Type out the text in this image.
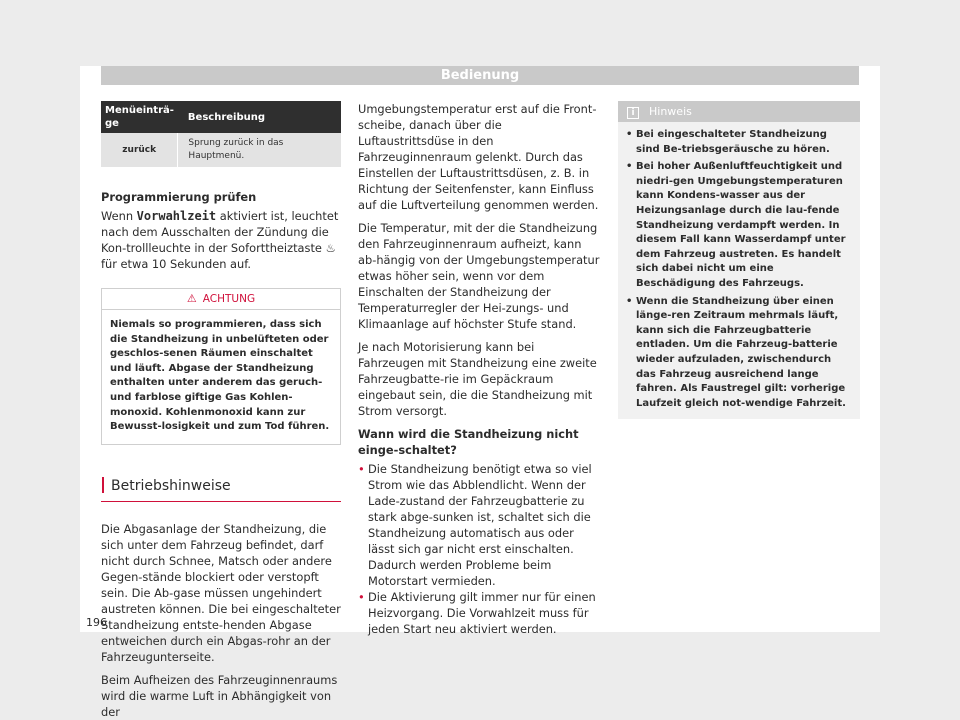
Bedienung
Menüeinträ-ge	Beschreibung
zurück	Sprung zurück in das Hauptmenü.

Programmierung prüfen

Wenn Vorwahlzeit aktiviert ist, leuchtet nach dem Ausschalten der Zündung die Kon-trollleuchte in der Soforttheiztaste ♨ für etwa 10 Sekunden auf.

⚠ ACHTUNG
Niemals so programmieren, dass sich die Standheizung in unbelüfteten oder geschlos-senen Räumen einschaltet und läuft. Abgase der Standheizung enthalten unter anderem das geruch- und farblose giftige Gas Kohlen-monoxid. Kohlenmonoxid kann zur Bewusst-losigkeit und zum Tod führen.
Betriebshinweise

Die Abgasanlage der Standheizung, die sich unter dem Fahrzeug befindet, darf nicht durch Schnee, Matsch oder andere Gegen-stände blockiert oder verstopft sein. Die Ab-gase müssen ungehindert austreten können. Die bei eingeschalteter Standheizung entste-henden Abgase entweichen durch ein Abgas-rohr an der Fahrzeugunterseite.

Beim Aufheizen des Fahrzeuginnenraums wird die warme Luft in Abhängigkeit von der

Umgebungstemperatur erst auf die Front-scheibe, danach über die Luftaustrittsdüse in den Fahrzeuginnenraum gelenkt. Durch das Einstellen der Luftaustrittsdüsen, z. B. in Richtung der Seitenfenster, kann Einfluss auf die Luftverteilung genommen werden.

Die Temperatur, mit der die Standheizung den Fahrzeuginnenraum aufheizt, kann ab-hängig von der Umgebungstemperatur etwas höher sein, wenn vor dem Einschalten der Standheizung der Temperaturregler der Hei-zungs- und Klimaanlage auf höchster Stufe stand.

Je nach Motorisierung kann bei Fahrzeugen mit Standheizung eine zweite Fahrzeugbatte-rie im Gepäckraum eingebaut sein, die die Standheizung mit Strom versorgt.

Wann wird die Standheizung nicht einge-schaltet?

• Die Standheizung benötigt etwa so viel Strom wie das Abblendlicht. Wenn der Lade-zustand der Fahrzeugbatterie zu stark abge-sunken ist, schaltet sich die Standheizung automatisch aus oder lässt sich gar nicht erst einschalten. Dadurch werden Probleme beim Motorstart vermieden.

• Die Aktivierung gilt immer nur für einen Heizvorgang. Die Vorwahlzeit muss für jeden Start neu aktiviert werden.

i Hinweis
• Bei eingeschalteter Standheizung sind Be-triebsgeräusche zu hören.
• Bei hoher Außenluftfeuchtigkeit und niedri-gen Umgebungstemperaturen kann Kondens-wasser aus der Heizungsanlage durch die lau-fende Standheizung verdampft werden. In diesem Fall kann Wasserdampf unter dem Fahrzeug austreten. Es handelt sich dabei nicht um eine Beschädigung des Fahrzeugs.
• Wenn die Standheizung über einen länge-ren Zeitraum mehrmals läuft, kann sich die Fahrzeugbatterie entladen. Um die Fahrzeug-batterie wieder aufzuladen, zwischendurch das Fahrzeug ausreichend lange fahren. Als Faustregel gilt: vorherige Laufzeit gleich not-wendige Fahrzeit.
196
